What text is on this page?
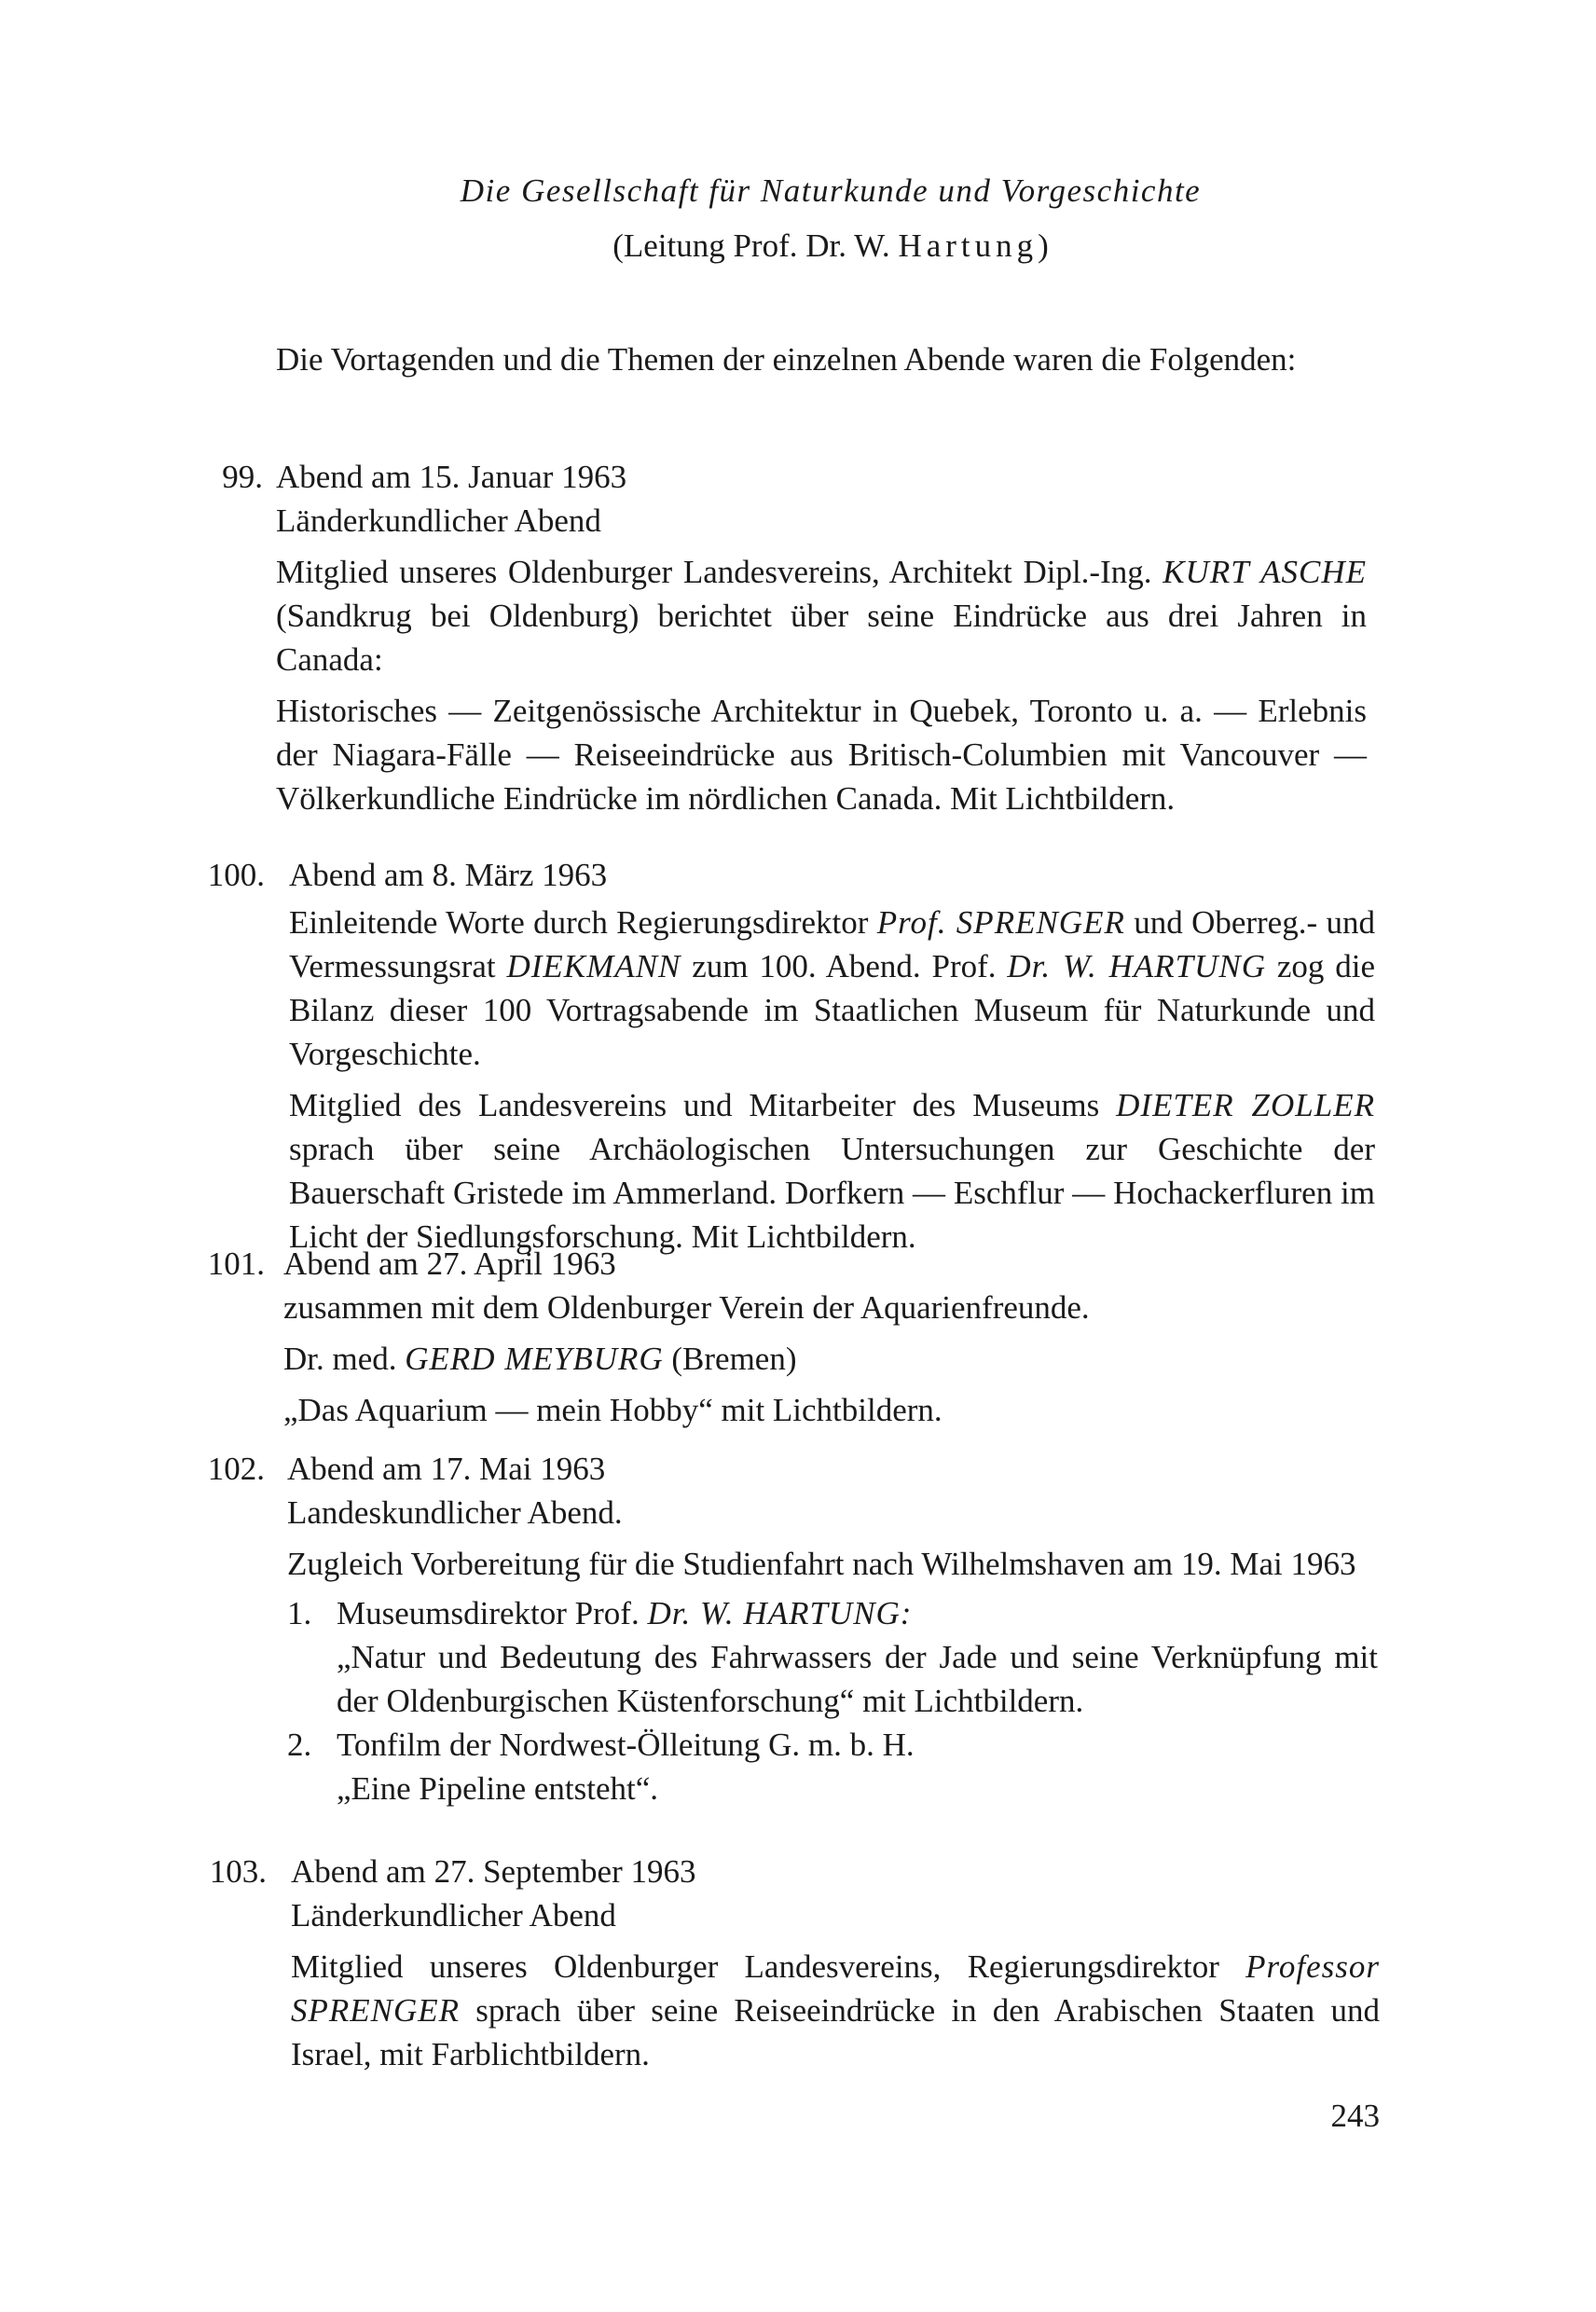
Die Gesellschaft für Naturkunde und Vorgeschichte
(Leitung Prof. Dr. W. Hartung)
Die Vortagenden und die Themen der einzelnen Abende waren die Folgenden:
99. Abend am 15. Januar 1963
Länderkundlicher Abend
Mitglied unseres Oldenburger Landesvereins, Architekt Dipl.-Ing. KURT ASCHE (Sandkrug bei Oldenburg) berichtet über seine Eindrücke aus drei Jahren in Canada:
Historisches — Zeitgenössische Architektur in Quebek, Toronto u. a. — Erlebnis der Niagara-Fälle — Reiseeindrücke aus Britisch-Columbien mit Vancouver — Völkerkundliche Eindrücke im nördlichen Canada. Mit Lichtbildern.
100. Abend am 8. März 1963
Einleitende Worte durch Regierungsdirektor Prof. SPRENGER und Oberreg.- und Vermessungsrat DIEKMANN zum 100. Abend. Prof. Dr. W. HARTUNG zog die Bilanz dieser 100 Vortragsabende im Staatlichen Museum für Naturkunde und Vorgeschichte.
Mitglied des Landesvereins und Mitarbeiter des Museums DIETER ZOLLER sprach über seine Archäologischen Untersuchungen zur Geschichte der Bauerschaft Gristede im Ammerland. Dorfkern — Eschflur — Hochackerfluren im Licht der Siedlungsforschung. Mit Lichtbildern.
101. Abend am 27. April 1963
zusammen mit dem Oldenburger Verein der Aquarienfreunde.
Dr. med. GERD MEYBURG (Bremen)
„Das Aquarium — mein Hobby“ mit Lichtbildern.
102. Abend am 17. Mai 1963
Landeskundlicher Abend.
Zugleich Vorbereitung für die Studienfahrt nach Wilhelmshaven am 19. Mai 1963
1. Museumsdirektor Prof. Dr. W. HARTUNG:
„Natur und Bedeutung des Fahrwassers der Jade und seine Verknüpfung mit der Oldenburgischen Küstenforschung“ mit Lichtbildern.
2. Tonfilm der Nordwest-Ölleitung G. m. b. H.
„Eine Pipeline entsteht“.
103. Abend am 27. September 1963
Länderkundlicher Abend
Mitglied unseres Oldenburger Landesvereins, Regierungsdirektor Professor SPRENGER sprach über seine Reiseeindrücke in den Arabischen Staaten und Israel, mit Farblichtbildern.
243
